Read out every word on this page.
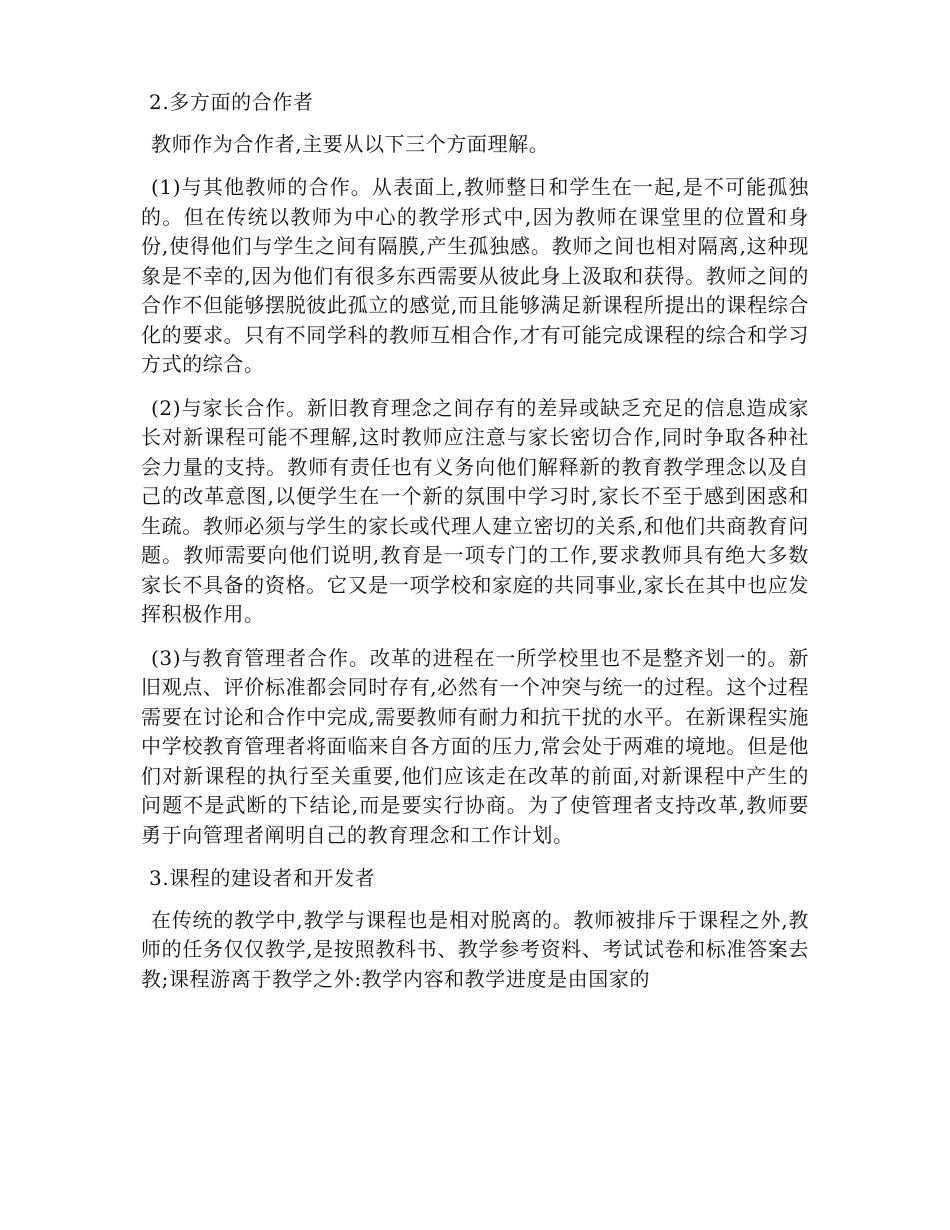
2.多方面的合作者

教师作为合作者,主要从以下三个方面理解。

(1)与其他教师的合作。从表面上,教师整日和学生在一起,是不可能孤独的。但在传统以教师为中心的教学形式中,因为教师在课堂里的位置和身份,使得他们与学生之间有隔膜,产生孤独感。教师之间也相对隔离,这种现象是不幸的,因为他们有很多东西需要从彼此身上汲取和获得。教师之间的合作不但能够摆脱彼此孤立的感觉,而且能够满足新课程所提出的课程综合化的要求。只有不同学科的教师互相合作,才有可能完成课程的综合和学习方式的综合。

(2)与家长合作。新旧教育理念之间存有的差异或缺乏充足的信息造成家长对新课程可能不理解,这时教师应注意与家长密切合作,同时争取各种社会力量的支持。教师有责任也有义务向他们解释新的教育教学理念以及自己的改革意图,以便学生在一个新的氛围中学习时,家长不至于感到困惑和生疏。教师必须与学生的家长或代理人建立密切的关系,和他们共商教育问题。教师需要向他们说明,教育是一项专门的工作,要求教师具有绝大多数家长不具备的资格。它又是一项学校和家庭的共同事业,家长在其中也应发挥积极作用。

(3)与教育管理者合作。改革的进程在一所学校里也不是整齐划一的。新旧观点、评价标准都会同时存有,必然有一个冲突与统一的过程。这个过程需要在讨论和合作中完成,需要教师有耐力和抗干扰的水平。在新课程实施中学校教育管理者将面临来自各方面的压力,常会处于两难的境地。但是他们对新课程的执行至关重要,他们应该走在改革的前面,对新课程中产生的问题不是武断的下结论,而是要实行协商。为了使管理者支持改革,教师要勇于向管理者阐明自己的教育理念和工作计划。

3.课程的建设者和开发者

在传统的教学中,教学与课程也是相对脱离的。教师被排斥于课程之外,教师的任务仅仅教学,是按照教科书、教学参考资料、考试试卷和标准答案去教;课程游离于教学之外:教学内容和教学进度是由国家的
